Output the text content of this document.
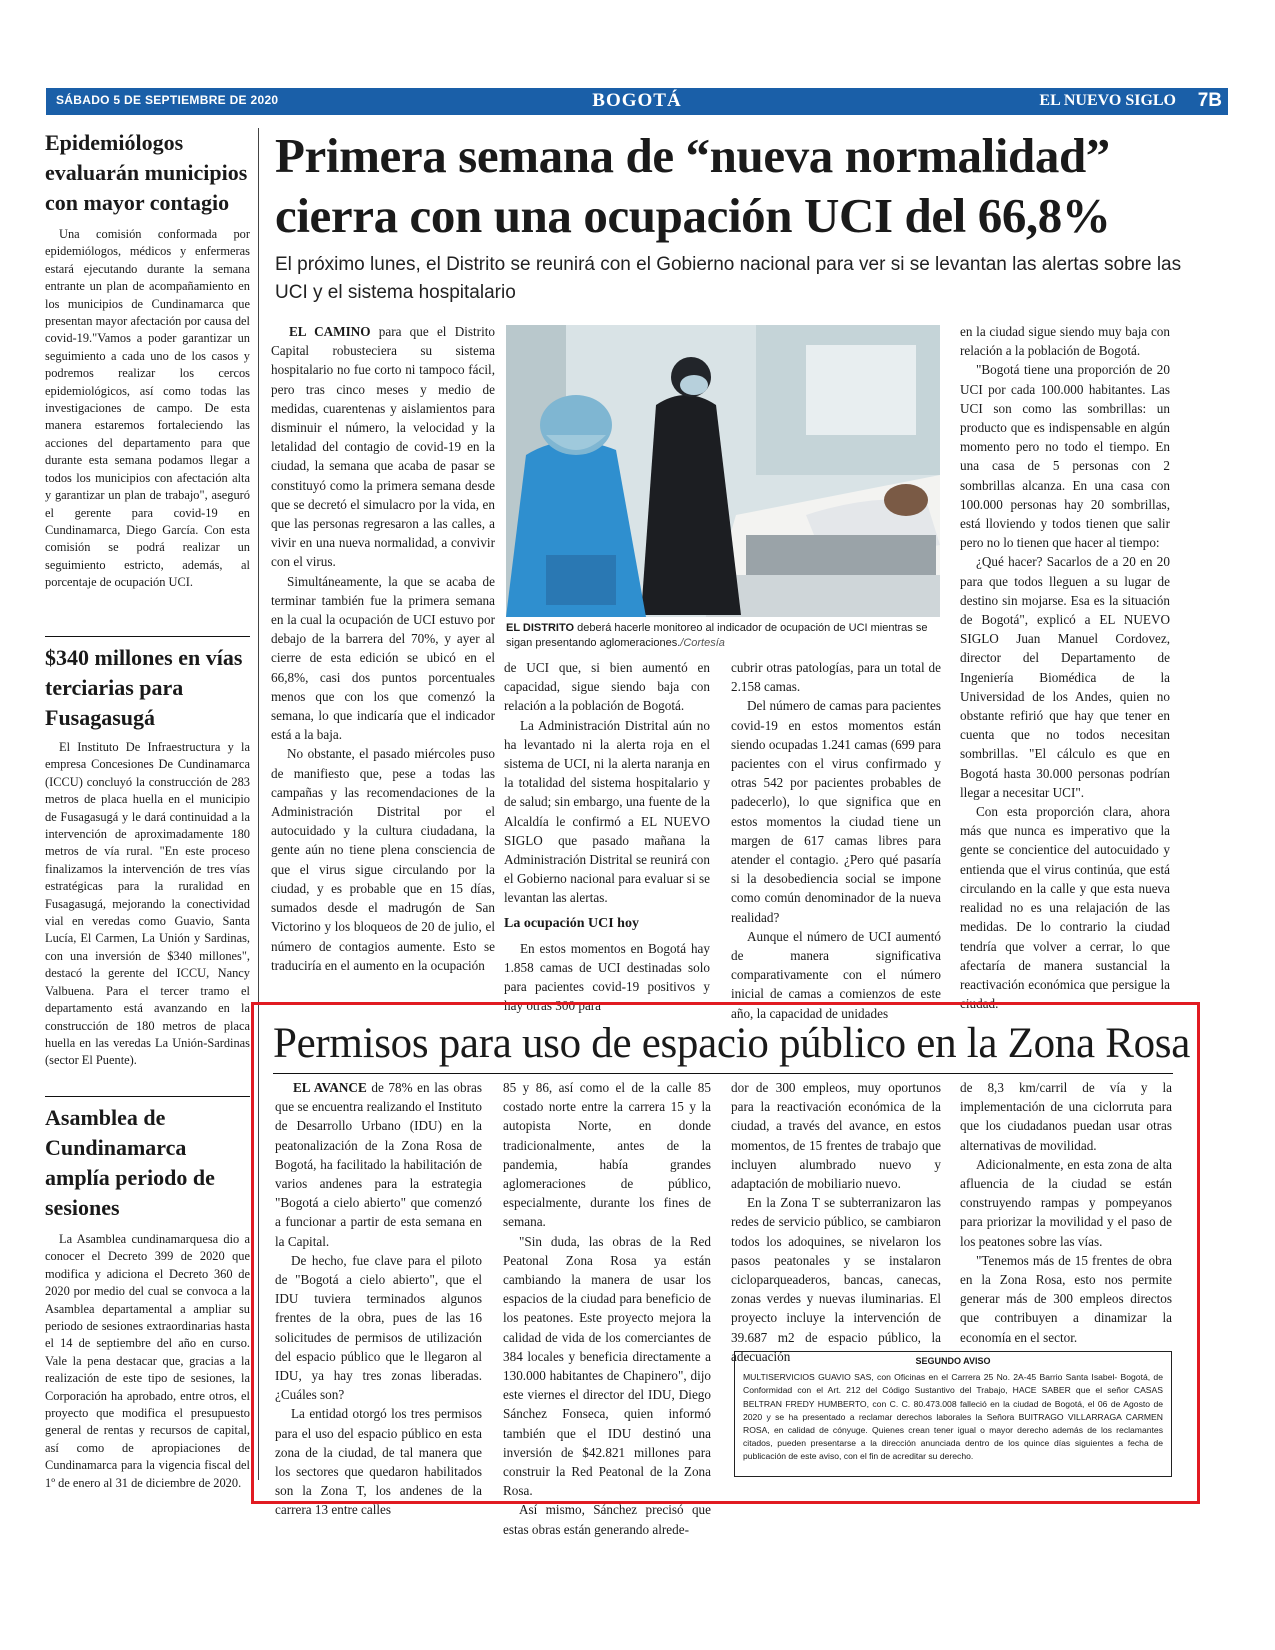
BOGOTÁ
SÁBADO 5 DE SEPTIEMBRE DE 2020	EL NUEVO SIGLO 7B
Epidemiólogos evaluarán municipios con mayor contagio
Una comisión conformada por epidemiólogos, médicos y enfermeras estará ejecutando durante la semana entrante un plan de acompañamiento en los municipios de Cundinamarca que presentan mayor afectación por causa del covid-19."Vamos a poder garantizar un seguimiento a cada uno de los casos y podremos realizar los cercos epidemiológicos, así como todas las investigaciones de campo. De esta manera estaremos fortaleciendo las acciones del departamento para que durante esta semana podamos llegar a todos los municipios con afectación alta y garantizar un plan de trabajo", aseguró el gerente para covid-19 en Cundinamarca, Diego García. Con esta comisión se podrá realizar un seguimiento estricto, además, al porcentaje de ocupación UCI.
$340 millones en vías terciarias para Fusagasugá
El Instituto De Infraestructura y la empresa Concesiones De Cundinamarca (ICCU) concluyó la construcción de 283 metros de placa huella en el municipio de Fusagasugá y le dará continuidad a la intervención de aproximadamente 180 metros de vía rural. "En este proceso finalizamos la intervención de tres vías estratégicas para la ruralidad en Fusagasugá, mejorando la conectividad vial en veredas como Guavio, Santa Lucía, El Carmen, La Unión y Sardinas, con una inversión de $340 millones", destacó la gerente del ICCU, Nancy Valbuena. Para el tercer tramo el departamento está avanzando en la construcción de 180 metros de placa huella en las veredas La Unión-Sardinas (sector El Puente).
Asamblea de Cundinamarca amplía periodo de sesiones
La Asamblea cundinamarquesa dio a conocer el Decreto 399 de 2020 que modifica y adiciona el Decreto 360 de 2020 por medio del cual se convoca a la Asamblea departamental a ampliar su periodo de sesiones extraordinarias hasta el 14 de septiembre del año en curso. Vale la pena destacar que, gracias a la realización de este tipo de sesiones, la Corporación ha aprobado, entre otros, el proyecto que modifica el presupuesto general de rentas y recursos de capital, así como de apropiaciones de Cundinamarca para la vigencia fiscal del 1º de enero al 31 de diciembre de 2020.
Primera semana de “nueva normalidad” cierra con una ocupación UCI del 66,8%
El próximo lunes, el Distrito se reunirá con el Gobierno nacional para ver si se levantan las alertas sobre las UCI y el sistema hospitalario

EL CAMINO para que el Distrito Capital robusteciera su sistema hospitalario no fue corto ni tampoco fácil, pero tras cinco meses y medio de medidas, cuarentenas y aislamientos para disminuir el número, la velocidad y la letalidad del contagio de covid-19 en la ciudad, la semana que acaba de pasar se constituyó como la primera semana desde que se decretó el simulacro por la vida, en que las personas regresaron a las calles, a vivir en una nueva normalidad, a convivir con el virus.

Simultáneamente, la que se acaba de terminar también fue la primera semana en la cual la ocupación de UCI estuvo por debajo de la barrera del 70%, y ayer al cierre de esta edición se ubicó en el 66,8%, casi dos puntos porcentuales menos que con los que comenzó la semana, lo que indicaría que el indicador está a la baja.

No obstante, el pasado miércoles puso de manifiesto que, pese a todas las campañas y las recomendaciones de la Administración Distrital por el autocuidado y la cultura ciudadana, la gente aún no tiene plena consciencia de que el virus sigue circulando por la ciudad, y es probable que en 15 días, sumados desde el madrugón de San Victorino y los bloqueos de 20 de julio, el número de contagios aumente. Esto se traduciría en el aumento en la ocupación

EL DISTRITO deberá hacerle monitoreo al indicador de ocupación de UCI mientras se sigan presentando aglomeraciones./Cortesía

de UCI que, si bien aumentó en capacidad, sigue siendo baja con relación a la población de Bogotá.

La Administración Distrital aún no ha levantado ni la alerta roja en el sistema de UCI, ni la alerta naranja en la totalidad del sistema hospitalario y de salud; sin embargo, una fuente de la Alcaldía le confirmó a EL NUEVO SIGLO que pasado mañana la Administración Distrital se reunirá con el Gobierno nacional para evaluar si se levantan las alertas.

La ocupación UCI hoy

En estos momentos en Bogotá hay 1.858 camas de UCI destinadas solo para pacientes covid-19 positivos y hay otras 300 para

cubrir otras patologías, para un total de 2.158 camas.

Del número de camas para pacientes covid-19 en estos momentos están siendo ocupadas 1.241 camas (699 para pacientes con el virus confirmado y otras 542 por pacientes probables de padecerlo), lo que significa que en estos momentos la ciudad tiene un margen de 617 camas libres para atender el contagio. ¿Pero qué pasaría si la desobediencia social se impone como común denominador de la nueva realidad?

Aunque el número de UCI aumentó de manera significativa comparativamente con el número inicial de camas a comienzos de este año, la capacidad de unidades

en la ciudad sigue siendo muy baja con relación a la población de Bogotá.

"Bogotá tiene una proporción de 20 UCI por cada 100.000 habitantes. Las UCI son como las sombrillas: un producto que es indispensable en algún momento pero no todo el tiempo. En una casa de 5 personas con 2 sombrillas alcanza. En una casa con 100.000 personas hay 20 sombrillas, está lloviendo y todos tienen que salir pero no lo tienen que hacer al tiempo:

¿Qué hacer? Sacarlos de a 20 en 20 para que todos lleguen a su lugar de destino sin mojarse. Esa es la situación de Bogotá", explicó a EL NUEVO SIGLO Juan Manuel Cordovez, director del Departamento de Ingeniería Biomédica de la Universidad de los Andes, quien no obstante refirió que hay que tener en cuenta que no todos necesitan sombrillas. "El cálculo es que en Bogotá hasta 30.000 personas podrían llegar a necesitar UCI".

Con esta proporción clara, ahora más que nunca es imperativo que la gente se concientice del autocuidado y entienda que el virus continúa, que está circulando en la calle y que esta nueva realidad no es una relajación de las medidas. De lo contrario la ciudad tendría que volver a cerrar, lo que afectaría de manera sustancial la reactivación económica que persigue la ciudad.

Permisos para uso de espacio público en la Zona Rosa

EL AVANCE de 78% en las obras que se encuentra realizando el Instituto de Desarrollo Urbano (IDU) en la peatonalización de la Zona Rosa de Bogotá, ha facilitado la habilitación de varios andenes para la estrategia "Bogotá a cielo abierto" que comenzó a funcionar a partir de esta semana en la Capital.

De hecho, fue clave para el piloto de "Bogotá a cielo abierto", que el IDU tuviera terminados algunos frentes de la obra, pues de las 16 solicitudes de permisos de utilización del espacio público que le llegaron al IDU, ya hay tres zonas liberadas. ¿Cuáles son?

La entidad otorgó los tres permisos para el uso del espacio público en esta zona de la ciudad, de tal manera que los sectores que quedaron habilitados son la Zona T, los andenes de la carrera 13 entre calles

85 y 86, así como el de la calle 85 costado norte entre la carrera 15 y la autopista Norte, en donde tradicionalmente, antes de la pandemia, había grandes aglomeraciones de público, especialmente, durante los fines de semana.

"Sin duda, las obras de la Red Peatonal Zona Rosa ya están cambiando la manera de usar los espacios de la ciudad para beneficio de los peatones. Este proyecto mejora la calidad de vida de los comerciantes de 384 locales y beneficia directamente a 130.000 habitantes de Chapinero", dijo este viernes el director del IDU, Diego Sánchez Fonseca, quien informó también que el IDU destinó una inversión de $42.821 millones para construir la Red Peatonal de la Zona Rosa.

Así mismo, Sánchez precisó que estas obras están generando alrede-

dor de 300 empleos, muy oportunos para la reactivación económica de la ciudad, a través del avance, en estos momentos, de 15 frentes de trabajo que incluyen alumbrado nuevo y adaptación de mobiliario nuevo.

En la Zona T se subterranizaron las redes de servicio público, se cambiaron todos los adoquines, se nivelaron los pasos peatonales y se instalaron cicloparqueaderos, bancas, canecas, zonas verdes y nuevas iluminarias. El proyecto incluye la intervención de 39.687 m2 de espacio público, la adecuación

de 8,3 km/carril de vía y la implementación de una ciclorruta para que los ciudadanos puedan usar otras alternativas de movilidad.

Adicionalmente, en esta zona de alta afluencia de la ciudad se están construyendo rampas y pompeyanos para priorizar la movilidad y el paso de los peatones sobre las vías.

"Tenemos más de 15 frentes de obra en la Zona Rosa, esto nos permite generar más de 300 empleos directos que contribuyen a dinamizar la economía en el sector.

SEGUNDO AVISO
MULTISERVICIOS GUAVIO SAS, con Oficinas en el Carrera 25 No. 2A-45 Barrio Santa Isabel- Bogotá, de Conformidad con el Art. 212 del Código Sustantivo del Trabajo, HACE SABER que el señor CASAS BELTRAN FREDY HUMBERTO, con C. C. 80.473.008 falleció en la ciudad de Bogotá, el 06 de Agosto de 2020 y se ha presentado a reclamar derechos laborales la Señora BUITRAGO VILLARRAGA CARMEN ROSA, en calidad de cónyuge. Quienes crean tener igual o mayor derecho además de los reclamantes citados, pueden presentarse a la dirección anunciada dentro de los quince días siguientes a fecha de publicación de este aviso, con el fin de acreditar su derecho.
